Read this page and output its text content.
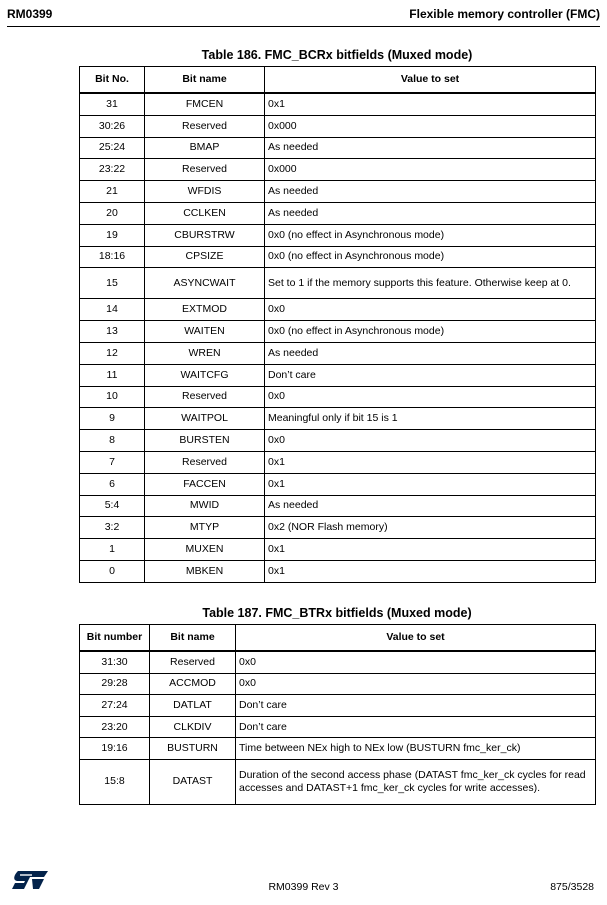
RM0399	Flexible memory controller (FMC)
Table 186. FMC_BCRx bitfields (Muxed mode)
Bit No.	Bit name	Value to set
31	FMCEN	0x1
30:26	Reserved	0x000
25:24	BMAP	As needed
23:22	Reserved	0x000
21	WFDIS	As needed
20	CCLKEN	As needed
19	CBURSTRW	0x0 (no effect in Asynchronous mode)
18:16	CPSIZE	0x0 (no effect in Asynchronous mode)
15	ASYNCWAIT	Set to 1 if the memory supports this feature. Otherwise keep at 0.
14	EXTMOD	0x0
13	WAITEN	0x0 (no effect in Asynchronous mode)
12	WREN	As needed
11	WAITCFG	Don’t care
10	Reserved	0x0
9	WAITPOL	Meaningful only if bit 15 is 1
8	BURSTEN	0x0
7	Reserved	0x1
6	FACCEN	0x1
5:4	MWID	As needed
3:2	MTYP	0x2 (NOR Flash memory)
1	MUXEN	0x1
0	MBKEN	0x1
Table 187. FMC_BTRx bitfields (Muxed mode)
Bit number	Bit name	Value to set
31:30	Reserved	0x0
29:28	ACCMOD	0x0
27:24	DATLAT	Don’t care
23:20	CLKDIV	Don’t care
19:16	BUSTURN	Time between NEx high to NEx low (BUSTURN fmc_ker_ck)
15:8	DATAST	Duration of the second access phase (DATAST fmc_ker_ck cycles for read accesses and DATAST+1 fmc_ker_ck cycles for write accesses).
RM0399 Rev 3	875/3528
